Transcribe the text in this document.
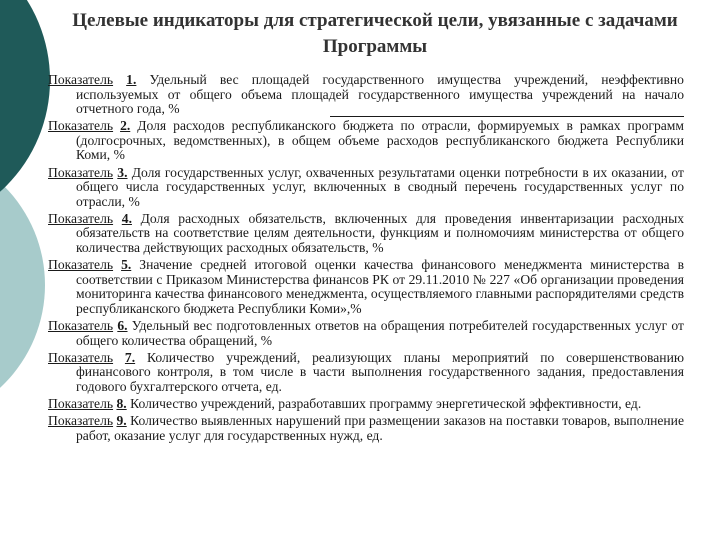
Целевые индикаторы для стратегической цели, увязанные с задачами
Программы
Показатель 1. Удельный вес площадей государственного имущества учреждений, неэффективно используемых от общего объема площадей государственного имущества учреждений на начало отчетного года, %
Показатель 2. Доля расходов республиканского бюджета по отрасли, формируемых в рамках программ (долгосрочных, ведомственных), в общем объеме расходов республиканского бюджета Республики Коми, %
Показатель 3. Доля государственных услуг, охваченных результатами оценки потребности в их оказании, от общего числа государственных услуг, включенных в сводный перечень государственных услуг по отрасли, %
Показатель 4. Доля расходных обязательств, включенных для проведения инвентаризации расходных обязательств на соответствие целям деятельности, функциям и полномочиям министерства от общего количества действующих расходных обязательств, %
Показатель 5. Значение средней итоговой оценки качества финансового менеджмента министерства в соответствии с Приказом Министерства финансов РК от 29.11.2010 № 227 «Об организации проведения мониторинга качества финансового менеджмента, осуществляемого главными распорядителями средств республиканского бюджета Республики Коми»,%
Показатель 6. Удельный вес подготовленных ответов на обращения потребителей государственных услуг от общего количества обращений, %
Показатель 7. Количество учреждений, реализующих планы мероприятий по совершенствованию финансового контроля, в том числе в части выполнения государственного задания, предоставления годового бухгалтерского отчета, ед.
Показатель 8. Количество учреждений, разработавших программу энергетической эффективности, ед.
Показатель 9. Количество выявленных нарушений при размещении заказов на поставки товаров, выполнение работ, оказание услуг для государственных нужд, ед.
